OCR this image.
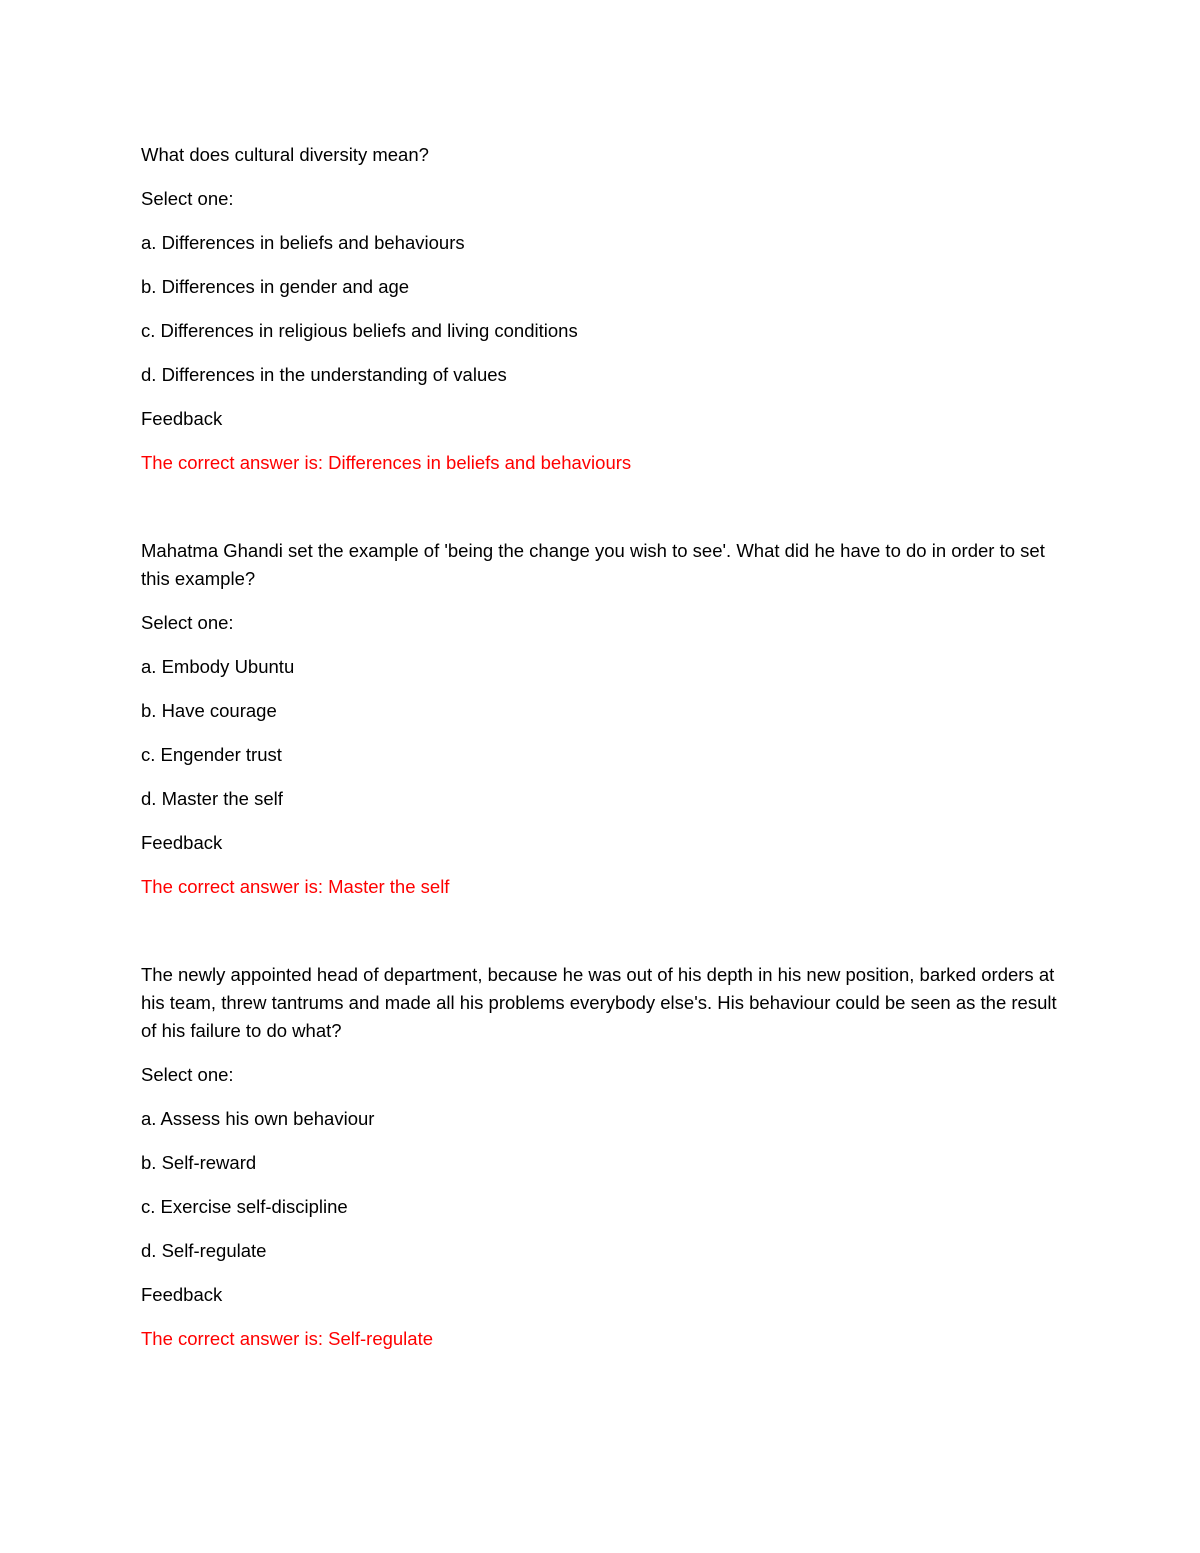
What does cultural diversity mean?

Select one:

a. Differences in beliefs and behaviours

b. Differences in gender and age

c. Differences in religious beliefs and living conditions

d. Differences in the understanding of values

Feedback

The correct answer is: Differences in beliefs and behaviours

Mahatma Ghandi set the example of 'being the change you wish to see'. What did he have to do in order to set this example?

Select one:

a. Embody Ubuntu

b. Have courage

c. Engender trust

d. Master the self

Feedback

The correct answer is: Master the self

The newly appointed head of department, because he was out of his depth in his new position, barked orders at his team, threw tantrums and made all his problems everybody else's. His behaviour could be seen as the result of his failure to do what?

Select one:

a. Assess his own behaviour

b. Self-reward

c. Exercise self-discipline

d. Self-regulate

Feedback

The correct answer is: Self-regulate
